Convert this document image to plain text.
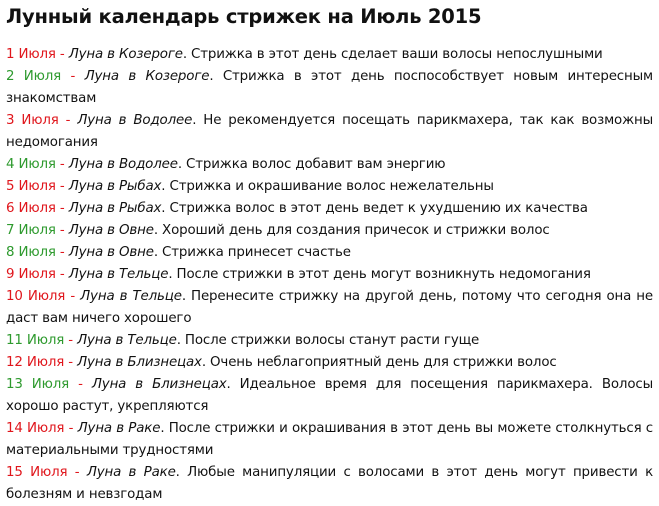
Лунный календарь стрижек на Июль 2015

1 Июля - Луна в Козероге. Стрижка в этот день сделает ваши волосы непослушными

2 Июля - Луна в Козероге. Стрижка в этот день поспособствует новым интересным знакомствам

3 Июля - Луна в Водолее. Не рекомендуется посещать парикмахера, так как возможны недомогания

4 Июля - Луна в Водолее. Стрижка волос добавит вам энергию

5 Июля - Луна в Рыбах. Стрижка и окрашивание волос нежелательны

6 Июля - Луна в Рыбах. Стрижка волос в этот день ведет к ухудшению их качества

7 Июля - Луна в Овне. Хороший день для создания причесок и стрижки волос

8 Июля - Луна в Овне. Стрижка принесет счастье

9 Июля - Луна в Тельце. После стрижки в этот день могут возникнуть недомогания

10 Июля - Луна в Тельце. Перенесите стрижку на другой день, потому что сегодня она не даст вам ничего хорошего

11 Июля - Луна в Тельце. После стрижки волосы станут расти гуще

12 Июля - Луна в Близнецах. Очень неблагоприятный день для стрижки волос

13 Июля - Луна в Близнецах. Идеальное время для посещения парикмахера. Волосы хорошо растут, укрепляются

14 Июля - Луна в Раке. После стрижки и окрашивания в этот день вы можете столкнуться с материальными трудностями

15 Июля - Луна в Раке. Любые манипуляции с волосами в этот день могут привести к болезням и невзгодам
